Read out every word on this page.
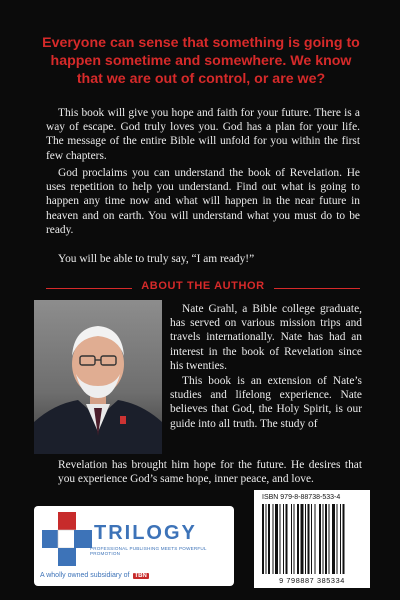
Everyone can sense that something is going to happen sometime and somewhere. We know that we are out of control, or are we?

This book will give you hope and faith for your future. There is a way of escape. God truly loves you. God has a plan for your life. The message of the entire Bible will unfold for you within the first few chapters.

God proclaims you can understand the book of Revelation. He uses repetition to help you understand. Find out what is going to happen any time now and what will happen in the near future in heaven and on earth. You will understand what you must do to be ready.

You will be able to truly say, “I am ready!”

ABOUT THE AUTHOR
Nate Grahl, a Bible college graduate, has served on various mission trips and travels internationally. Nate has had an interest in the book of Revelation since his twenties.
This book is an extension of Nate’s studies and lifelong experience. Nate believes that God, the Holy Spirit, is our guide into all truth. The study of
Revelation has brought him hope for the future. He desires that you experience God’s same hope, inner peace, and love.
TRILOGY
PROFESSIONAL PUBLISHING MEETS POWERFUL PROMOTION
A wholly owned subsidiary of TBN
ISBN 979-8-88738-533-4
9 798887 385334
